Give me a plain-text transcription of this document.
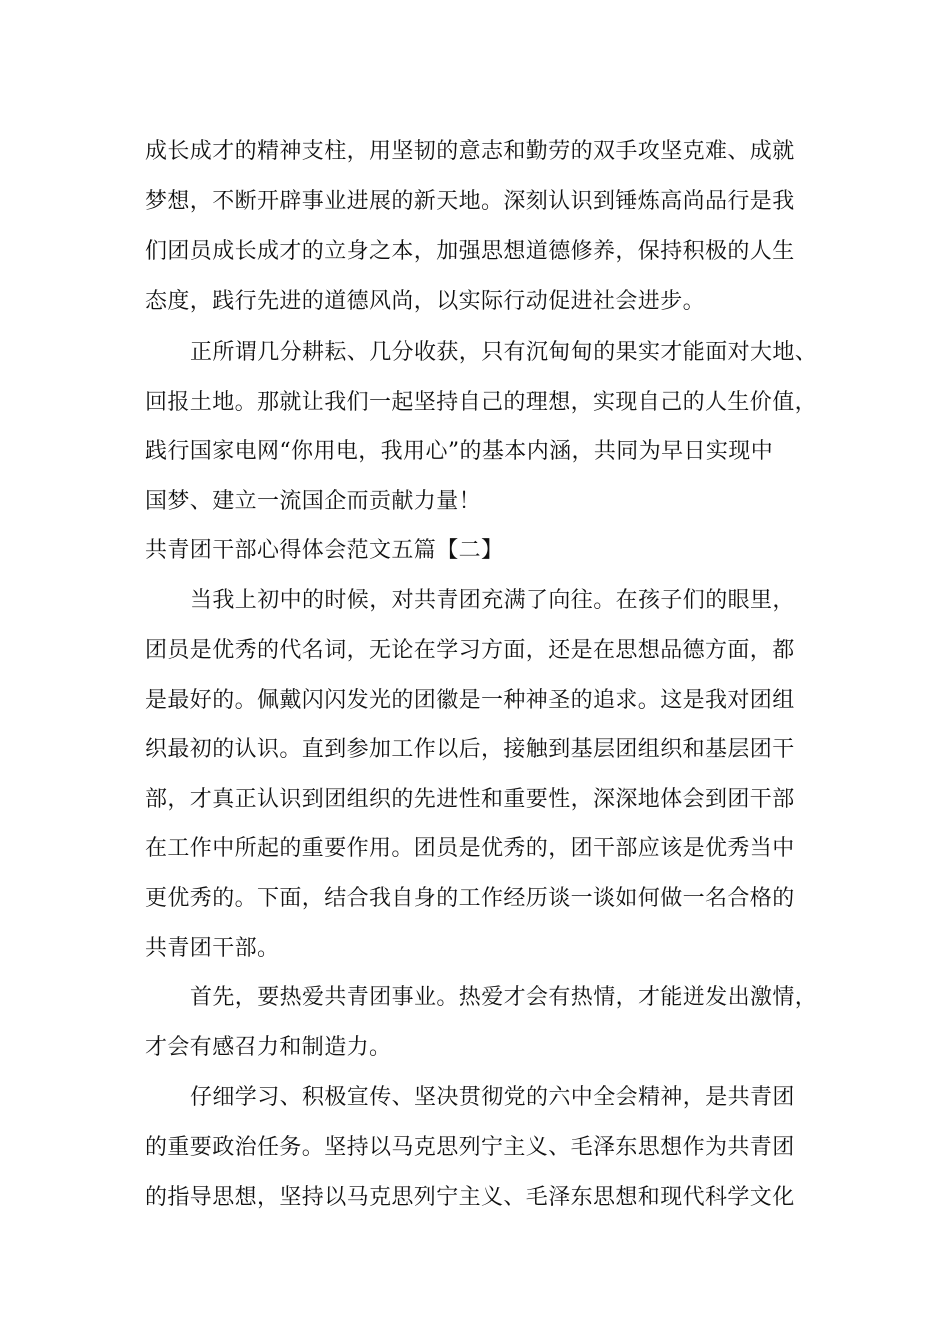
成长成才的精神支柱，用坚韧的意志和勤劳的双手攻坚克难、成就
梦想，不断开辟事业进展的新天地。深刻认识到锤炼高尚品行是我
们团员成长成才的立身之本，加强思想道德修养，保持积极的人生
态度，践行先进的道德风尚，以实际行动促进社会进步。
正所谓几分耕耘、几分收获，只有沉甸甸的果实才能面对大地、
回报土地。那就让我们一起坚持自己的理想，实现自己的人生价值，
践行国家电网“你用电，我用心”的基本内涵，共同为早日实现中
国梦、建立一流国企而贡献力量！
共青团干部心得体会范文五篇【二】
当我上初中的时候，对共青团充满了向往。在孩子们的眼里，
团员是优秀的代名词，无论在学习方面，还是在思想品德方面，都
是最好的。佩戴闪闪发光的团徽是一种神圣的追求。这是我对团组
织最初的认识。直到参加工作以后，接触到基层团组织和基层团干
部，才真正认识到团组织的先进性和重要性，深深地体会到团干部
在工作中所起的重要作用。团员是优秀的，团干部应该是优秀当中
更优秀的。下面，结合我自身的工作经历谈一谈如何做一名合格的
共青团干部。
首先，要热爱共青团事业。热爱才会有热情，才能迸发出激情，
才会有感召力和制造力。
仔细学习、积极宣传、坚决贯彻党的六中全会精神，是共青团
的重要政治任务。坚持以马克思列宁主义、毛泽东思想作为共青团
的指导思想，坚持以马克思列宁主义、毛泽东思想和现代科学文化
